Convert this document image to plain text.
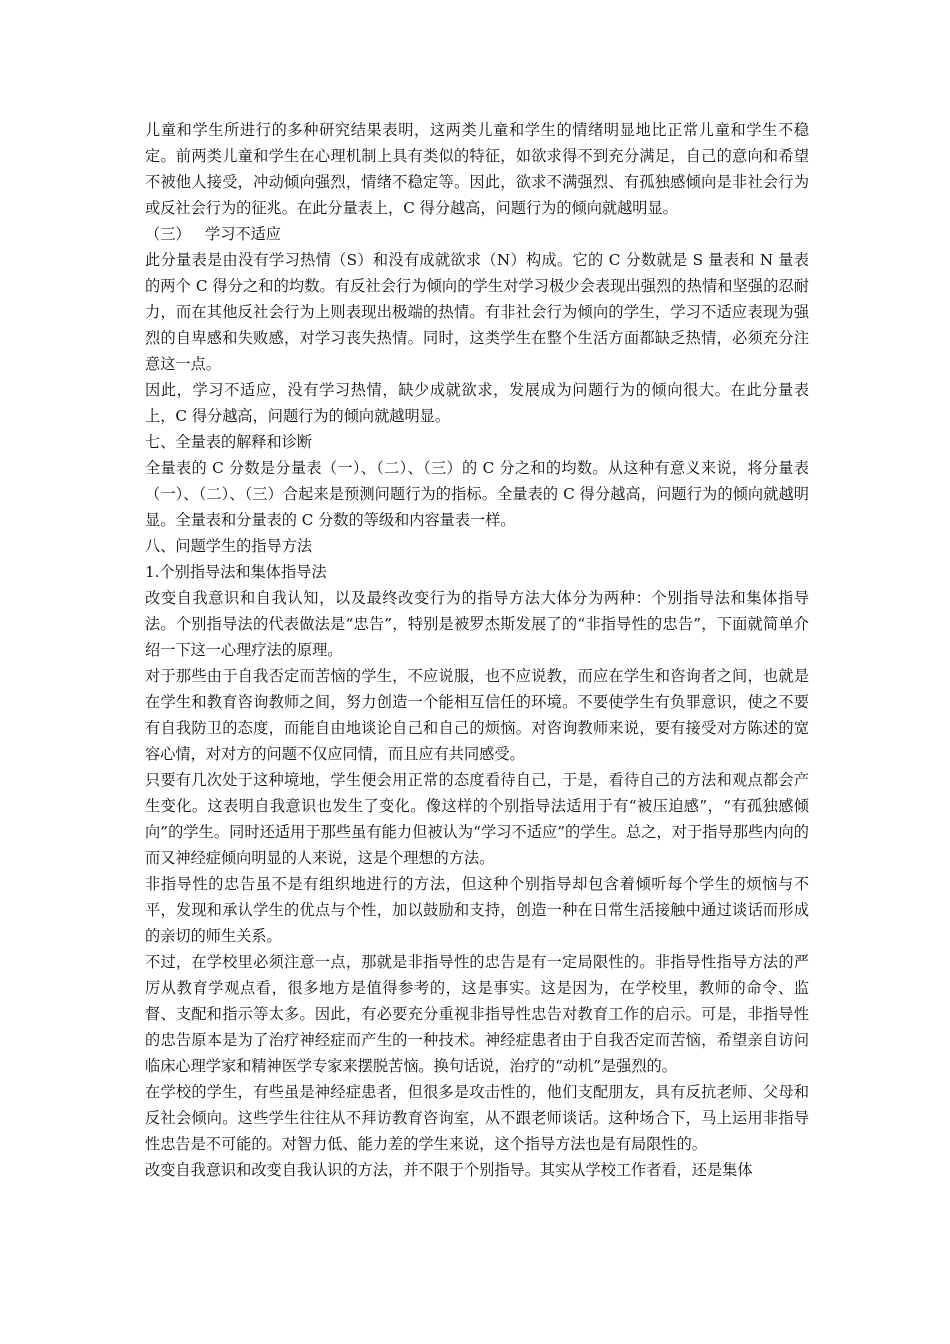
儿童和学生所进行的多种研究结果表明，这两类儿童和学生的情绪明显地比正常儿童和学生不稳定。前两类儿童和学生在心理机制上具有类似的特征，如欲求得不到充分满足，自己的意向和希望不被他人接受，冲动倾向强烈，情绪不稳定等。因此，欲求不满强烈、有孤独感倾向是非社会行为或反社会行为的征兆。在此分量表上，C 得分越高，问题行为的倾向就越明显。

（三）   学习不适应

此分量表是由没有学习热情（S）和没有成就欲求（N）构成。它的 C 分数就是 S 量表和 N 量表的两个 C 得分之和的均数。有反社会行为倾向的学生对学习极少会表现出强烈的热情和坚强的忍耐力，而在其他反社会行为上则表现出极端的热情。有非社会行为倾向的学生，学习不适应表现为强烈的自卑感和失败感，对学习丧失热情。同时，这类学生在整个生活方面都缺乏热情，必须充分注意这一点。

因此，学习不适应，没有学习热情，缺少成就欲求，发展成为问题行为的倾向很大。在此分量表上，C 得分越高，问题行为的倾向就越明显。

七、全量表的解释和诊断

全量表的 C 分数是分量表（一）、（二）、（三）的 C 分之和的均数。从这种有意义来说，将分量表（一）、（二）、（三）合起来是预测问题行为的指标。全量表的 C 得分越高，问题行为的倾向就越明显。全量表和分量表的 C 分数的等级和内容量表一样。

八、问题学生的指导方法

1.个别指导法和集体指导法

改变自我意识和自我认知，以及最终改变行为的指导方法大体分为两种：个别指导法和集体指导法。个别指导法的代表做法是“忠告”，特别是被罗杰斯发展了的“非指导性的忠告”，下面就简单介绍一下这一心理疗法的原理。

对于那些由于自我否定而苦恼的学生，不应说服，也不应说教，而应在学生和咨询者之间，也就是在学生和教育咨询教师之间，努力创造一个能相互信任的环境。不要使学生有负罪意识，使之不要有自我防卫的态度，而能自由地谈论自己和自己的烦恼。对咨询教师来说，要有接受对方陈述的宽容心情，对对方的问题不仅应同情，而且应有共同感受。

只要有几次处于这种境地，学生便会用正常的态度看待自己，于是，看待自己的方法和观点都会产生变化。这表明自我意识也发生了变化。像这样的个别指导法适用于有“被压迫感”，“有孤独感倾向”的学生。同时还适用于那些虽有能力但被认为“学习不适应”的学生。总之，对于指导那些内向的而又神经症倾向明显的人来说，这是个理想的方法。

非指导性的忠告虽不是有组织地进行的方法，但这种个别指导却包含着倾听每个学生的烦恼与不平，发现和承认学生的优点与个性，加以鼓励和支持，创造一种在日常生活接触中通过谈话而形成的亲切的师生关系。

不过，在学校里必须注意一点，那就是非指导性的忠告是有一定局限性的。非指导性指导方法的严厉从教育学观点看，很多地方是值得参考的，这是事实。这是因为，在学校里，教师的命令、监督、支配和指示等太多。因此，有必要充分重视非指导性忠告对教育工作的启示。可是，非指导性的忠告原本是为了治疗神经症而产生的一种技术。神经症患者由于自我否定而苦恼，希望亲自访问临床心理学家和精神医学专家来摆脱苦恼。换句话说，治疗的“动机”是强烈的。

在学校的学生，有些虽是神经症患者，但很多是攻击性的，他们支配朋友，具有反抗老师、父母和反社会倾向。这些学生往往从不拜访教育咨询室，从不跟老师谈话。这种场合下，马上运用非指导性忠告是不可能的。对智力低、能力差的学生来说，这个指导方法也是有局限性的。

改变自我意识和改变自我认识的方法，并不限于个别指导。其实从学校工作者看，还是集体
